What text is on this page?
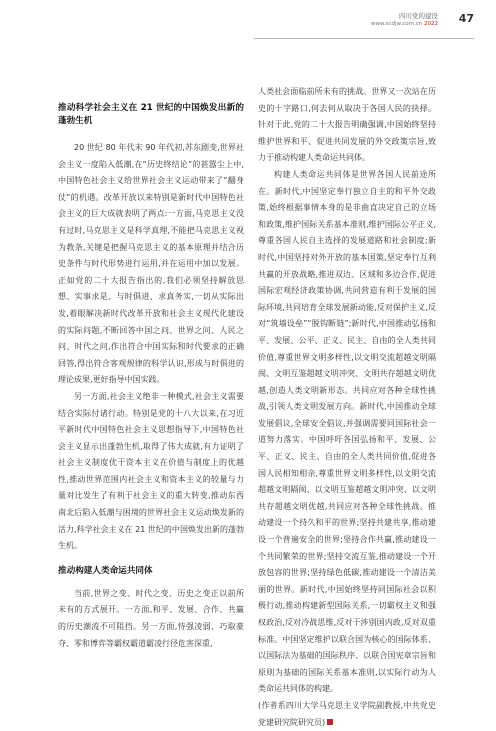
四川党的建设
www.scdjw.com.cn 2022 47
推动科学社会主义在 21 世纪的中国焕发出新的蓬勃生机

20 世纪 80 年代末 90 年代初,苏东剧变,世界社会主义一度陷入低潮,在“历史终结论”的甚嚣尘上中,中国特色社会主义给世界社会主义运动带来了“翻身仗”的机遇。改革开放以来特别是新时代中国特色社会主义的巨大成就表明了两点:一方面,马克思主义没有过时,马克思主义是科学真理,不能把马克思主义视为教条,关键是把握马克思主义的基本原理并结合历史条件与时代形势进行运用,并在运用中加以发展。正如党的二十大报告指出的,我们必须坚持解放思想、实事求是、与时俱进、求真务实,一切从实际出发,着眼解决新时代改革开放和社会主义现代化建设的实际问题,不断回答中国之问、世界之问、人民之问、时代之问,作出符合中国实际和时代要求的正确回答,得出符合客观规律的科学认识,形成与时俱进的理论成果,更好指导中国实践。

另一方面,社会主义绝非一种模式,社会主义需要结合实际付诸行动。特别是党的十八大以来,在习近平新时代中国特色社会主义思想指导下,中国特色社会主义显示出蓬勃生机,取得了伟大成就,有力证明了社会主义制度优于资本主义在价值与制度上的优越性,推动世界范围内社会主义和资本主义的较量与力量对比发生了有利于社会主义的重大转变,推动东西南北后陷入低潮与困境的世界社会主义运动焕发新的活力,科学社会主义在 21 世纪的中国焕发出新的蓬勃生机。

推动构建人类命运共同体

当前,世界之变、时代之变、历史之变正以前所未有的方式展开。一方面,和平、发展、合作、共赢的历史潮流不可阻挡。另一方面,恃强凌弱、巧取豪夺、零和博弈等霸权霸道霸凌行径危害深重,

人类社会面临前所未有的挑战。世界又一次站在历史的十字路口,何去何从取决于各国人民的抉择。针对于此,党的二十大报告明确强调,中国始终坚持维护世界和平、促进共同发展的外交政策宗旨,致力于推动构建人类命运共同体。

构建人类命运共同体是世界各国人民前途所在。新时代,中国坚定奉行独立自主的和平外交政策,始终根据事情本身的是非曲直决定自己的立场和政策,维护国际关系基本准则,维护国际公平正义,尊重各国人民自主选择的发展道路和社会制度;新时代,中国坚持对外开放的基本国策,坚定奉行互利共赢的开放战略,推进双边、区域和多边合作,促进国际宏观经济政策协调,共同营造有利于发展的国际环境,共同培育全球发展新动能,反对保护主义,反对“筑墙设垒”“脱钩断链”;新时代,中国推动弘扬和平、发展、公平、正义、民主、自由的全人类共同价值,尊重世界文明多样性,以文明交流超越文明隔阂、文明互鉴超越文明冲突、文明共存超越文明优越,创造人类文明新形态。共同应对各种全球性挑战,引领人类文明发展方向。新时代,中国推动全球发展倡议,全球安全倡议,并强调需要同国际社会一道努力落实。中国呼吁各国弘扬和平、发展、公平、正义、民主、自由的全人类共同价值,促进各国人民相知相亲,尊重世界文明多样性,以文明交流超越文明隔阂、以文明互鉴超越文明冲突、以文明共存超越文明优越,共同应对各种全球性挑战。推动建设一个持久和平的世界;坚持共建共享,推动建设一个普遍安全的世界;坚持合作共赢,推动建设一个共同繁荣的世界;坚持交流互鉴,推动建设一个开放包容的世界;坚持绿色低碳,推动建设一个清洁美丽的世界。新时代,中国始终坚持同国际社会以积极行动,推动构建新型国际关系,一切霸权主义和强权政治,反对冷战思维,反对干涉别国内政,反对双重标准。中国坚定维护以联合国为核心的国际体系、以国际法为基础的国际秩序、以联合国宪章宗旨和原则为基础的国际关系基本准则,以实际行动为人类命运共同体的构建。

(作者系四川大学马克思主义学院副教授,中共党史党建研究院研究员)
